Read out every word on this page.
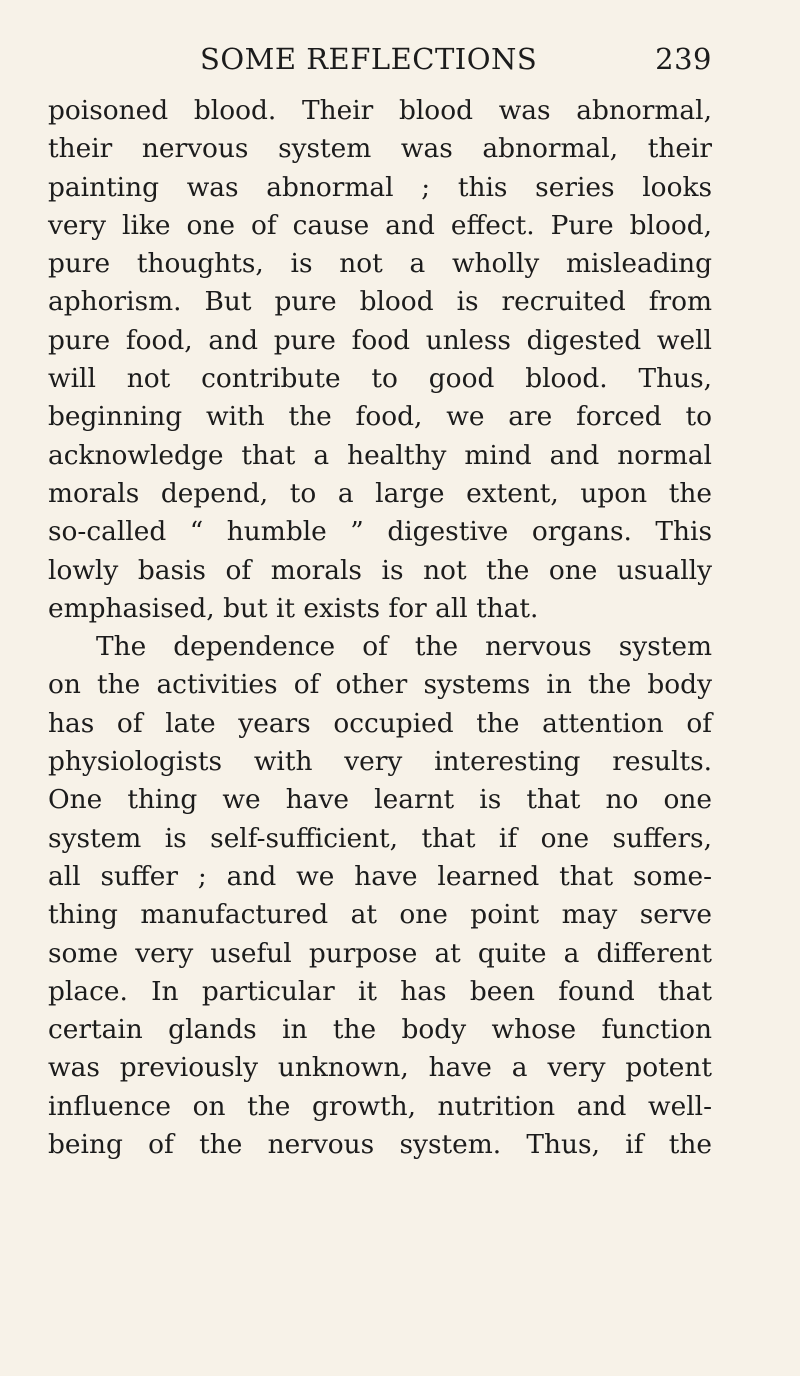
SOME REFLECTIONS	239
poisoned blood. Their blood was abnormal,
their nervous system was abnormal, their
painting was abnormal ; this series looks
very like one of cause and effect. Pure blood,
pure thoughts, is not a wholly misleading
aphorism. But pure blood is recruited from
pure food, and pure food unless digested well
will not contribute to good blood. Thus,
beginning with the food, we are forced to
acknowledge that a healthy mind and normal
morals depend, to a large extent, upon the
so-called “ humble ” digestive organs. This
lowly basis of morals is not the one usually
emphasised, but it exists for all that.
The dependence of the nervous system
on the activities of other systems in the body
has of late years occupied the attention of
physiologists with very interesting results.
One thing we have learnt is that no one
system is self-sufficient, that if one suffers,
all suffer ; and we have learned that some-
thing manufactured at one point may serve
some very useful purpose at quite a different
place. In particular it has been found that
certain glands in the body whose function
was previously unknown, have a very potent
influence on the growth, nutrition and well-
being of the nervous system. Thus, if the
